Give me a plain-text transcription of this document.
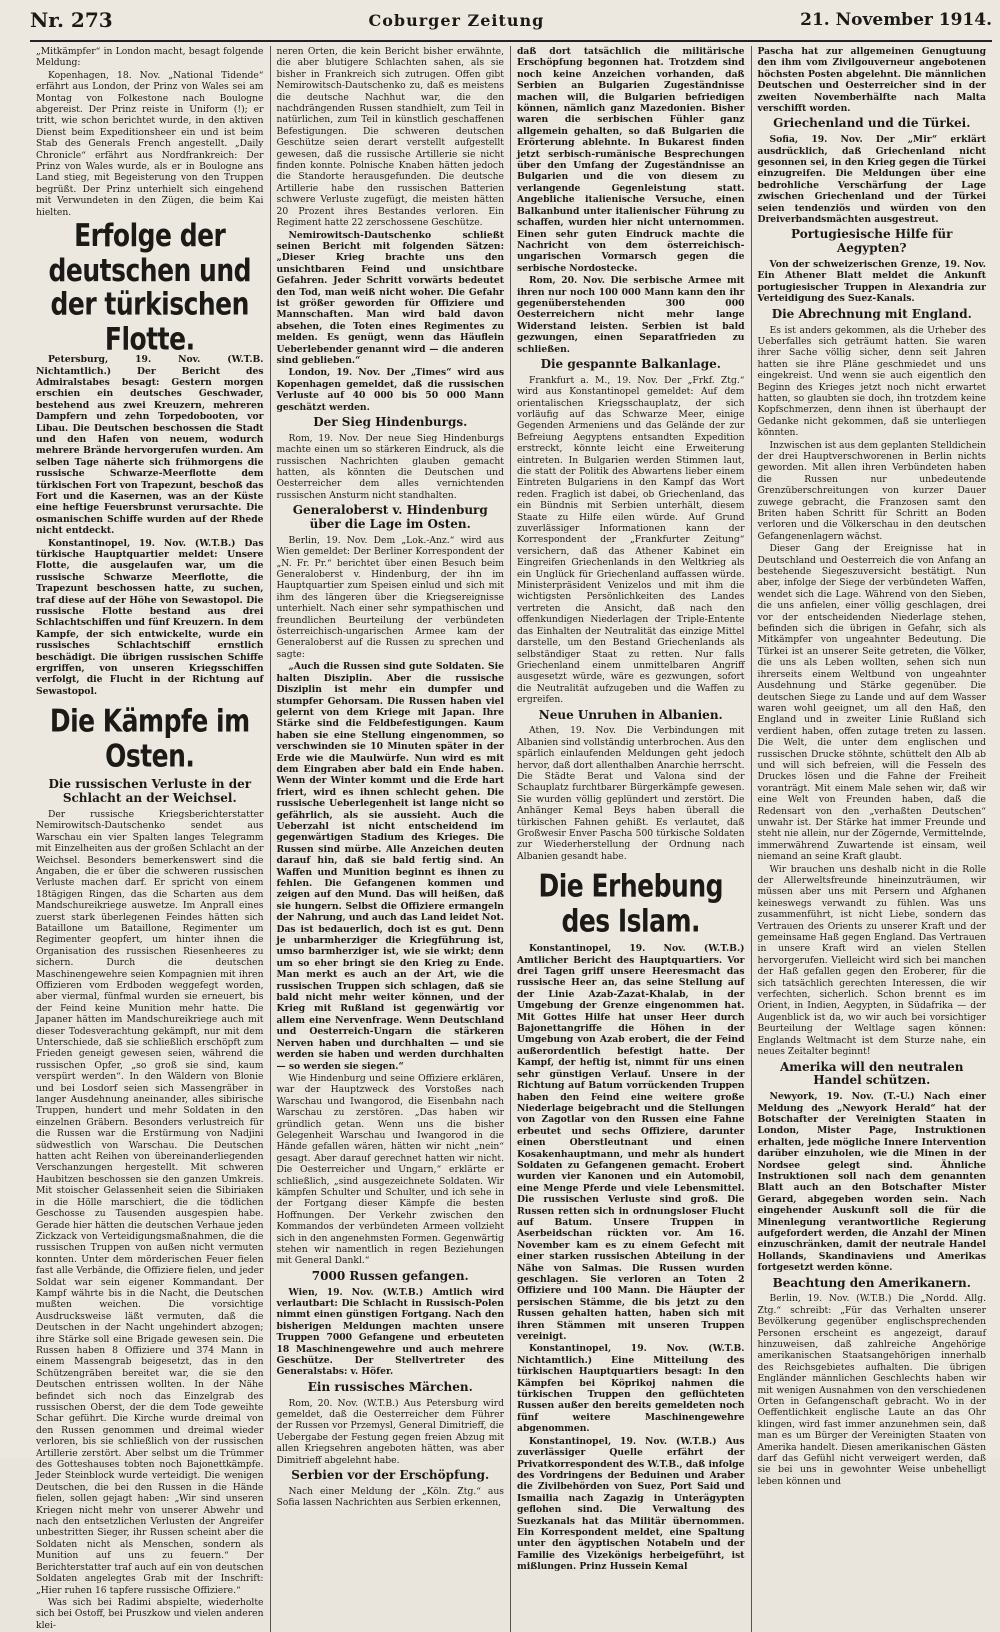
Nr. 273	Coburger Zeitung	21. November 1914.

„Mitkämpfer“ in London macht, besagt folgende Meldung:

Kopenhagen, 18. Nov. „National Tidende“ erfährt aus London, der Prinz von Wales sei am Montag von Folkestone nach Boulogne abgereist. Der Prinz reiste in Uniform (!); er tritt, wie schon berichtet wurde, in den aktiven Dienst beim Expeditionsheer ein und ist beim Stab des Generals French angestellt. „Daily Chronicle“ erfährt aus Nordfrankreich: Der Prinz von Wales wurde, als er in Boulogne ans Land stieg, mit Begeisterung von den Truppen begrüßt. Der Prinz unterhielt sich eingehend mit Verwundeten in den Zügen, die beim Kai hielten.

Erfolge der deutschen und der türkischen Flotte.

Petersburg, 19. Nov. (W.T.B. Nichtamtlich.) Der Bericht des Admiralstabes besagt: Gestern morgen erschien ein deutsches Geschwader, bestehend aus zwei Kreuzern, mehreren Dampfern und zehn Torpedobooten, vor Libau. Die Deutschen beschossen die Stadt und den Hafen von neuem, wodurch mehrere Brände hervorgerufen wurden. Am selben Tage näherte sich frühmorgens die russische Schwarze-Meerflotte dem türkischen Fort von Trapezunt, beschoß das Fort und die Kasernen, was an der Küste eine heftige Feuersbrunst verursachte. Die osmanischen Schiffe wurden auf der Rhede nicht entdeckt.

Konstantinopel, 19. Nov. (W.T.B.) Das türkische Hauptquartier meldet: Unsere Flotte, die ausgelaufen war, um die russische Schwarze Meerflotte, die Trapezunt beschossen hatte, zu suchen, traf diese auf der Höhe von Sewastopol. Die russische Flotte bestand aus drei Schlachtschiffen und fünf Kreuzern. In dem Kampfe, der sich entwickelte, wurde ein russisches Schlachtschiff ernstlich beschädigt. Die übrigen russischen Schiffe ergriffen, von unseren Kriegsschiffen verfolgt, die Flucht in der Richtung auf Sewastopol.

Die Kämpfe im Osten.
Die russischen Verluste in der Schlacht an der Weichsel.

Der russische Kriegsberichterstatter Nemirowitsch-Dautschenko sendet aus Warschau ein vier Spalten langes Telegramm mit Einzelheiten aus der großen Schlacht an der Weichsel. Besonders bemerkenswert sind die Angaben, die er über die schweren russischen Verluste machen darf. Er spricht von einem 18tägigen Ringen, das die Scharten aus dem Mandschureikriege auswetze. Im Anprall eines zuerst stark überlegenen Feindes hätten sich Bataillone um Bataillone, Regimenter um Regimenter geopfert, um hinter ihnen die Organisation des russischen Riesenheeres zu sichern. Durch die deutschen Maschinengewehre seien Kompagnien mit ihren Offizieren vom Erdboden weggefegt worden, aber viermal, fünfmal wurden sie erneuert, bis der Feind keine Munition mehr hatte. Die Japaner hätten im Mandschureikriege auch mit dieser Todesverachtung gekämpft, nur mit dem Unterschiede, daß sie schließlich erschöpft zum Frieden geneigt gewesen seien, während die russischen Opfer, „so groß sie sind, kaum verspürt werden“. In den Wäldern von Blonie und bei Losdorf seien sich Massengräber in langer Ausdehnung aneinander, alles sibirische Truppen, hundert und mehr Soldaten in den einzelnen Gräbern. Besonders verlustreich für die Russen war die Erstürmung von Nadjini südwestlich von Warschau. Die Deutschen hatten acht Reihen von übereinanderliegenden Verschanzungen hergestellt. Mit schweren Haubitzen beschossen sie den ganzen Umkreis. Mit stoischer Gelassenheit seien die Sibiriaken in die Hölle marschiert, die die tödlichen Geschosse zu Tausenden ausgespien habe. Gerade hier hätten die deutschen Verhaue jeden Zickzack von Verteidigungsmaßnahmen, die die russischen Truppen von außen nicht vermuten konnten. Unter dem mörderischen Feuer fielen fast alle Verbände, die Offiziere fielen, und jeder Soldat war sein eigener Kommandant. Der Kampf währte bis in die Nacht, die Deutschen mußten weichen. Die vorsichtige Ausdrucksweise läßt vermuten, daß die Deutschen in der Nacht ungehindert abzogen; ihre Stärke soll eine Brigade gewesen sein. Die Russen haben 8 Offiziere und 374 Mann in einem Massengrab beigesetzt, das in den Schützengräben bereitet war, die sie den Deutschen entrissen wollten. In der Nähe befindet sich noch das Einzelgrab des russischen Oberst, der die dem Tode geweihte Schar geführt. Die Kirche wurde dreimal von den Russen genommen und dreimal wieder verloren, bis sie schließlich von der russischen Artillerie zerstört. Aber selbst um die Trümmer des Gotteshauses tobten noch Bajonettkämpfe. Jeder Steinblock wurde verteidigt. Die wenigen Deutschen, die bei den Russen in die Hände fielen, sollen gejagt haben: „Wir sind unseren Kriegen nicht mehr von unserer Abwehr und nach den entsetzlichen Verlusten der Angreifer unbestritten Sieger, ihr Russen scheint aber die Soldaten nicht als Menschen, sondern als Munition auf uns zu feuern.“ Der Berichterstatter traf auch auf ein von deutschen Soldaten angelegtes Grab mit der Inschrift: „Hier ruhen 16 tapfere russische Offiziere.“

Was sich bei Radimi abspielte, wiederholte sich bei Ostoff, bei Pruszkow und vielen anderen klei-

neren Orten, die kein Bericht bisher erwähnte, die aber blutigere Schlachten sahen, als sie bisher in Frankreich sich zutrugen. Offen gibt Nemirowitsch-Dautschenko zu, daß es meistens die deutsche Nachhut war, die den nachdrängenden Russen standhielt, zum Teil in natürlichen, zum Teil in künstlich geschaffenen Befestigungen. Die schweren deutschen Geschütze seien derart verstellt aufgestellt gewesen, daß die russische Artillerie sie nicht finden konnte. Polnische Knaben hätten jedoch die Standorte herausgefunden. Die deutsche Artillerie habe den russischen Batterien schwere Verluste zugefügt, die meisten hätten 20 Prozent ihres Bestandes verloren. Ein Regiment hatte 22 zerschossene Geschütze.

Nemirowitsch-Dautschenko schließt seinen Bericht mit folgenden Sätzen: „Dieser Krieg brachte uns den unsichtbaren Feind und unsichtbare Gefahren. Jeder Schritt vorwärts bedeutet den Tod, man weiß nicht woher. Die Gefahr ist größer geworden für Offiziere und Mannschaften. Man wird bald davon absehen, die Toten eines Regimentes zu melden. Es genügt, wenn das Häuflein Ueberlebender genannt wird — die anderen sind geblieben.“

London, 19. Nov. Der „Times“ wird aus Kopenhagen gemeldet, daß die russischen Verluste auf 40 000 bis 50 000 Mann geschätzt werden.

Der Sieg Hindenburgs.

Rom, 19. Nov. Der neue Sieg Hindenburgs machte einen um so stärkeren Eindruck, als die russischen Nachrichten glauben gemacht hatten, als könnten die Deutschen und Oesterreicher dem alles vernichtenden russischen Ansturm nicht standhalten.

Generaloberst v. Hindenburg über die Lage im Osten.

Berlin, 19. Nov. Dem „Lok.-Anz.“ wird aus Wien gemeldet: Der Berliner Korrespondent der „N. Fr. Pr.“ berichtet über einen Besuch beim Generaloberst v. Hindenburg, der ihn im Hauptquartier zum Speisen einlud und sich mit ihm des längeren über die Kriegsereignisse unterhielt. Nach einer sehr sympathischen und freundlichen Beurteilung der verbündeten österreichisch-ungarischen Armee kam der Generaloberst auf die Russen zu sprechen und sagte:

„Auch die Russen sind gute Soldaten. Sie halten Disziplin. Aber die russische Disziplin ist mehr ein dumpfer und stumpfer Gehorsam. Die Russen haben viel gelernt von dem Kriege mit Japan. Ihre Stärke sind die Feldbefestigungen. Kaum haben sie eine Stellung eingenommen, so verschwinden sie 10 Minuten später in der Erde wie die Maulwürfe. Nun wird es mit dem Eingraben aber bald ein Ende haben. Wenn der Winter kommt und die Erde hart friert, wird es ihnen schlecht gehen. Die russische Ueberlegenheit ist lange nicht so gefährlich, als sie aussieht. Auch die Ueberzahl ist nicht entscheidend im gegenwärtigen Stadium des Krieges. Die Russen sind mürbe. Alle Anzeichen deuten darauf hin, daß sie bald fertig sind. An Waffen und Munition beginnt es ihnen zu fehlen. Die Gefangenen kommen und zeigen auf den Mund. Das will heißen, daß sie hungern. Selbst die Offiziere ermangeln der Nahrung, und auch das Land leidet Not. Das ist bedauerlich, doch ist es gut. Denn je unbarmherziger die Kriegführung ist, umso barmherziger ist, wie sie wirkt; denn um so eher bringt sie den Krieg zu Ende. Man merkt es auch an der Art, wie die russischen Truppen sich schlagen, daß sie bald nicht mehr weiter können, und der Krieg mit Rußland ist gegenwärtig vor allem eine Nervenfrage. Wenn Deutschland und Oesterreich-Ungarn die stärkeren Nerven haben und durchhalten — und sie werden sie haben und werden durchhalten — so werden sie siegen.“

Wie Hindenburg und seine Offiziere erklären, war der Hauptzweck des Vorstoßes nach Warschau und Iwangorod, die Eisenbahn nach Warschau zu zerstören. „Das haben wir gründlich getan. Wenn uns die bisher Gelegenheit Warschau und Iwangorod in die Hände gefallen wären, hätten wir nicht „nein“ gesagt. Aber darauf gerechnet hatten wir nicht. Die Oesterreicher und Ungarn,“ erklärte er schließlich, „sind ausgezeichnete Soldaten. Wir kämpfen Schulter und Schulter, und ich sehe in der Fortgang dieser Kämpfe die besten Hoffnungen. Der Verkehr zwischen den Kommandos der verbündeten Armeen vollzieht sich in den angenehmsten Formen. Gegenwärtig stehen wir namentlich in regen Beziehungen mit General Dankl.“

7000 Russen gefangen.

Wien, 19. Nov. (W.T.B.) Amtlich wird verlautbart: Die Schlacht in Russisch-Polen nimmt einen günstigen Fortgang. Nach den bisherigen Meldungen machten unsere Truppen 7000 Gefangene und erbeuteten 18 Maschinengewehre und auch mehrere Geschütze. Der Stellvertreter des Generalstabs: v. Höfer.

Ein russisches Märchen.

Rom, 20. Nov. (W.T.B.) Aus Petersburg wird gemeldet, daß die Oesterreicher dem Führer der Russen vor Przemysl, General Dimitrieff, die Uebergabe der Festung gegen freien Abzug mit allen Kriegsehren angeboten hätten, was aber Dimitrieff abgelehnt habe.

Serbien vor der Erschöpfung.

Nach einer Meldung der „Köln. Ztg.“ aus Sofia lassen Nachrichten aus Serbien erkennen,

daß dort tatsächlich die militärische Erschöpfung begonnen hat. Trotzdem sind noch keine Anzeichen vorhanden, daß Serbien an Bulgarien Zugeständnisse machen will, die Bulgarien befriedigen können, nämlich ganz Mazedonien. Bisher waren die serbischen Fühler ganz allgemein gehalten, so daß Bulgarien die Erörterung ablehnte. In Bukarest finden jetzt serbisch-rumänische Besprechungen über den Umfang der Zugeständnisse an Bulgarien und die von diesem zu verlangende Gegenleistung statt. Angebliche italienische Versuche, einen Balkanbund unter italienischer Führung zu schaffen, wurden hier nicht unternommen. Einen sehr guten Eindruck machte die Nachricht von dem österreichisch-ungarischen Vormarsch gegen die serbische Nordostecke.

Rom, 20. Nov. Die serbische Armee mit ihren nur noch 100 000 Mann kann den ihr gegenüberstehenden 300 000 Oesterreichern nicht mehr lange Widerstand leisten. Serbien ist bald gezwungen, einen Separatfrieden zu schließen.

Die gespannte Balkanlage.

Frankfurt a. M., 19. Nov. Der „Frkf. Ztg.“ wird aus Konstantinopel gemeldet: Auf dem orientalischen Kriegsschauplatz, der sich vorläufig auf das Schwarze Meer, einige Gegenden Armeniens und das Gelände der zur Befreiung Aegyptens entsandten Expedition erstreckt, könnte leicht eine Erweiterung eintreten. In Bulgarien werden Stimmen laut, die statt der Politik des Abwartens lieber einem Eintreten Bulgariens in den Kampf das Wort reden. Fraglich ist dabei, ob Griechenland, das ein Bündnis mit Serbien unterhält, diesem Staate zu Hilfe eilen würde. Auf Grund zuverlässiger Informationen kann der Korrespondent der „Frankfurter Zeitung“ versichern, daß das Athener Kabinet ein Eingreifen Griechenlands in den Weltkrieg als ein Unglück für Griechenland auffassen würde. Ministerpräsident Venizelos und mit ihm die wichtigsten Persönlichkeiten des Landes vertreten die Ansicht, daß nach den offenkundigen Niederlagen der Triple-Entente das Einhalten der Neutralität das einzige Mittel darstelle, um den Bestand Griechenlands als selbständiger Staat zu retten. Nur falls Griechenland einem unmittelbaren Angriff ausgesetzt würde, wäre es gezwungen, sofort die Neutralität aufzugeben und die Waffen zu ergreifen.

Neue Unruhen in Albanien.

Athen, 19. Nov. Die Verbindungen mit Albanien sind vollständig unterbrochen. Aus den spärlich einlaufenden Meldungen geht jedoch hervor, daß dort allenthalben Anarchie herrscht. Die Städte Berat und Valona sind der Schauplatz furchtbarer Bürgerkämpfe gewesen. Sie wurden völlig geplündert und zerstört. Die Anhänger Kemal Beys haben überall die türkischen Fahnen gehißt. Es verlautet, daß Großwesir Enver Pascha 500 türkische Soldaten zur Wiederherstellung der Ordnung nach Albanien gesandt habe.

Die Erhebung des Islam.

Konstantinopel, 19. Nov. (W.T.B.) Amtlicher Bericht des Hauptquartiers. Vor drei Tagen griff unsere Heeresmacht das russische Heer an, das seine Stellung auf der Linie Azab-Zazat-Khalab, in der Umgebung der Grenze eingenommen hat. Mit Gottes Hilfe hat unser Heer durch Bajonettangriffe die Höhen in der Umgebung von Azab erobert, die der Feind außerordentlich befestigt hatte. Der Kampf, der heftig ist, nimmt für uns einen sehr günstigen Verlauf. Unsere in der Richtung auf Batum vorrückenden Truppen haben den Feind eine weitere große Niederlage beigebracht und die Stellungen von Zagotlar von den Russen eine Fahne erbeutet und sechs Offiziere, darunter einen Oberstleutnant und einen Kosakenhauptmann, und mehr als hundert Soldaten zu Gefangenen gemacht. Erobert wurden vier Kanonen und ein Automobil, eine Menge Pferde und viele Lebensmittel. Die russischen Verluste sind groß. Die Russen retten sich in ordnungsloser Flucht auf Batum. Unsere Truppen in Aserbeidschan rückten vor. Am 16. November kam es zu einem Gefecht mit einer starken russischen Abteilung in der Nähe von Salmas. Die Russen wurden geschlagen. Sie verloren an Toten 2 Offiziere und 100 Mann. Die Häupter der persischen Stämme, die bis jetzt zu den Russen gehalten hatten, haben sich mit ihren Stämmen mit unseren Truppen vereinigt.

Konstantinopel, 19. Nov. (W.T.B. Nichtamtlich.) Eine Mitteilung des türkischen Hauptquartiers besagt: In den Kämpfen bei Köprikoj nahmen die türkischen Truppen den geflüchteten Russen außer den bereits gemeldeten noch fünf weitere Maschinengewehre abgenommen.

Konstantinopel, 19. Nov. (W.T.B.) Aus zuverlässiger Quelle erfährt der Privatkorrespondent des W.T.B., daß infolge des Vordringens der Beduinen und Araber die Zivilbehörden von Suez, Port Said und Ismailia nach Zagazig in Unterägypten geflohen sind. Die Verwaltung des Suezkanals hat das Militär übernommen. Ein Korrespondent meldet, eine Spaltung unter den ägyptischen Notabeln und der Familie des Vizekönigs herbeigeführt, ist mißlungen. Prinz Hussein Kemal

Pascha hat zur allgemeinen Genugtuung den ihm vom Zivilgouverneur angebotenen höchsten Posten abgelehnt. Die männlichen Deutschen und Oesterreicher sind in der zweiten Novemberhälfte nach Malta verschifft worden.

Griechenland und die Türkei.

Sofia, 19. Nov. Der „Mir“ erklärt ausdrücklich, daß Griechenland nicht gesonnen sei, in den Krieg gegen die Türkei einzugreifen. Die Meldungen über eine bedrohliche Verschärfung der Lage zwischen Griechenland und der Türkei seien tendenziös und würden von den Dreiverbandsmächten ausgestreut.

Portugiesische Hilfe für Aegypten?

Von der schweizerischen Grenze, 19. Nov. Ein Athener Blatt meldet die Ankunft portugiesischer Truppen in Alexandria zur Verteidigung des Suez-Kanals.

Die Abrechnung mit England.

Es ist anders gekommen, als die Urheber des Ueberfalles sich geträumt hatten. Sie waren ihrer Sache völlig sicher, denn seit Jahren hatten sie ihre Pläne geschmiedet und uns eingekreist. Und wenn sie auch eigentlich den Beginn des Krieges jetzt noch nicht erwartet hatten, so glaubten sie doch, ihn trotzdem keine Kopfschmerzen, denn ihnen ist überhaupt der Gedanke nicht gekommen, daß sie unterliegen könnten.

Inzwischen ist aus dem geplanten Stelldichein der drei Hauptverschworenen in Berlin nichts geworden. Mit allen ihren Verbündeten haben die Russen nur unbedeutende Grenzüberschreitungen von kurzer Dauer zuwege gebracht, die Franzosen samt den Briten haben Schritt für Schritt an Boden verloren und die Völkerschau in den deutschen Gefangenenlagern wächst.

Dieser Gang der Ereignisse hat in Deutschland und Oesterreich die von Anfang an bestehende Siegeszuversicht bestätigt. Nun aber, infolge der Siege der verbündeten Waffen, wendet sich die Lage. Während von den Sieben, die uns anfielen, einer völlig geschlagen, drei vor der entscheidenden Niederlage stehen, befinden sich die übrigen in Gefahr, sich als Mitkämpfer von ungeahnter Bedeutung. Die Türkei ist an unserer Seite getreten, die Völker, die uns als Leben wollten, sehen sich nun ihrerseits einem Weltbund von ungeahnter Ausdehnung und Stärke gegenüber. Die deutschen Siege zu Lande und auf dem Wasser waren wohl geeignet, um all den Haß, den England und in zweiter Linie Rußland sich verdient haben, offen zutage treten zu lassen. Die Welt, die unter dem englischen und russischen Drucke stöhnte, schüttelt den Alb ab und will sich befreien, will die Fesseln des Druckes lösen und die Fahne der Freiheit voranträgt. Mit einem Male sehen wir, daß wir eine Welt von Freunden haben, daß die Redensart von den „verhaßten Deutschen“ unwahr ist. Der Stärke hat immer Freunde und steht nie allein, nur der Zögernde, Vermittelnde, immerwährend Zuwartende ist einsam, weil niemand an seine Kraft glaubt.

Wir brauchen uns deshalb nicht in die Rolle der Allerweltsfreunde hineinzuträumen, wir müssen aber uns mit Persern und Afghanen keineswegs verwandt zu fühlen. Was uns zusammenführt, ist nicht Liebe, sondern das Vertrauen des Orients zu unserer Kraft und der gemeinsame Haß gegen England. Das Vertrauen in unsere Kraft wird an vielen Stellen hervorgerufen. Vielleicht wird sich bei manchen der Haß gefallen gegen den Eroberer, für die sich tatsächlich gerechten Interessen, die wir verfechten, sicherlich. Schon brennt es im Orient, in Indien, Aegypten, in Südafrika — der Augenblick ist da, wo wir auch bei vorsichtiger Beurteilung der Weltlage sagen können: Englands Weltmacht ist dem Sturze nahe, ein neues Zeitalter beginnt!

Amerika will den neutralen Handel schützen.

Newyork, 19. Nov. (T.-U.) Nach einer Meldung des „Newyork Herald“ hat der Botschafter der Vereinigten Staaten in London, Mister Page, Instruktionen erhalten, jede mögliche Innere Intervention darüber einzuholen, wie die Minen in der Nordsee gelegt sind. Ähnliche Instruktionen soll nach dem genannten Blatt auch an den Botschafter Mister Gerard, abgegeben worden sein. Nach eingehender Auskunft soll die für die Minenlegung verantwortliche Regierung aufgefordert werden, die Anzahl der Minen einzuschränken, damit der neutrale Handel Hollands, Skandinaviens und Amerikas fortgesetzt werden könne.

Beachtung den Amerikanern.

Berlin, 19. Nov. (W.T.B.) Die „Nordd. Allg. Ztg.“ schreibt: „Für das Verhalten unserer Bevölkerung gegenüber englischsprechenden Personen erscheint es angezeigt, darauf hinzuweisen, daß zahlreiche Angehörige amerikanischen Staatsangehörigen innerhalb des Reichsgebietes aufhalten. Die übrigen Engländer männlichen Geschlechts haben wir mit wenigen Ausnahmen von den verschiedenen Orten in Gefangenschaft gebracht. Wo in der Oeffentlichkeit englische Laute an das Ohr klingen, wird fast immer anzunehmen sein, daß man es um Bürger der Vereinigten Staaten von Amerika handelt. Diesen amerikanischen Gästen darf das Gefühl nicht verweigert werden, daß sie bei uns in gewohnter Weise unbehelligt leben können und
